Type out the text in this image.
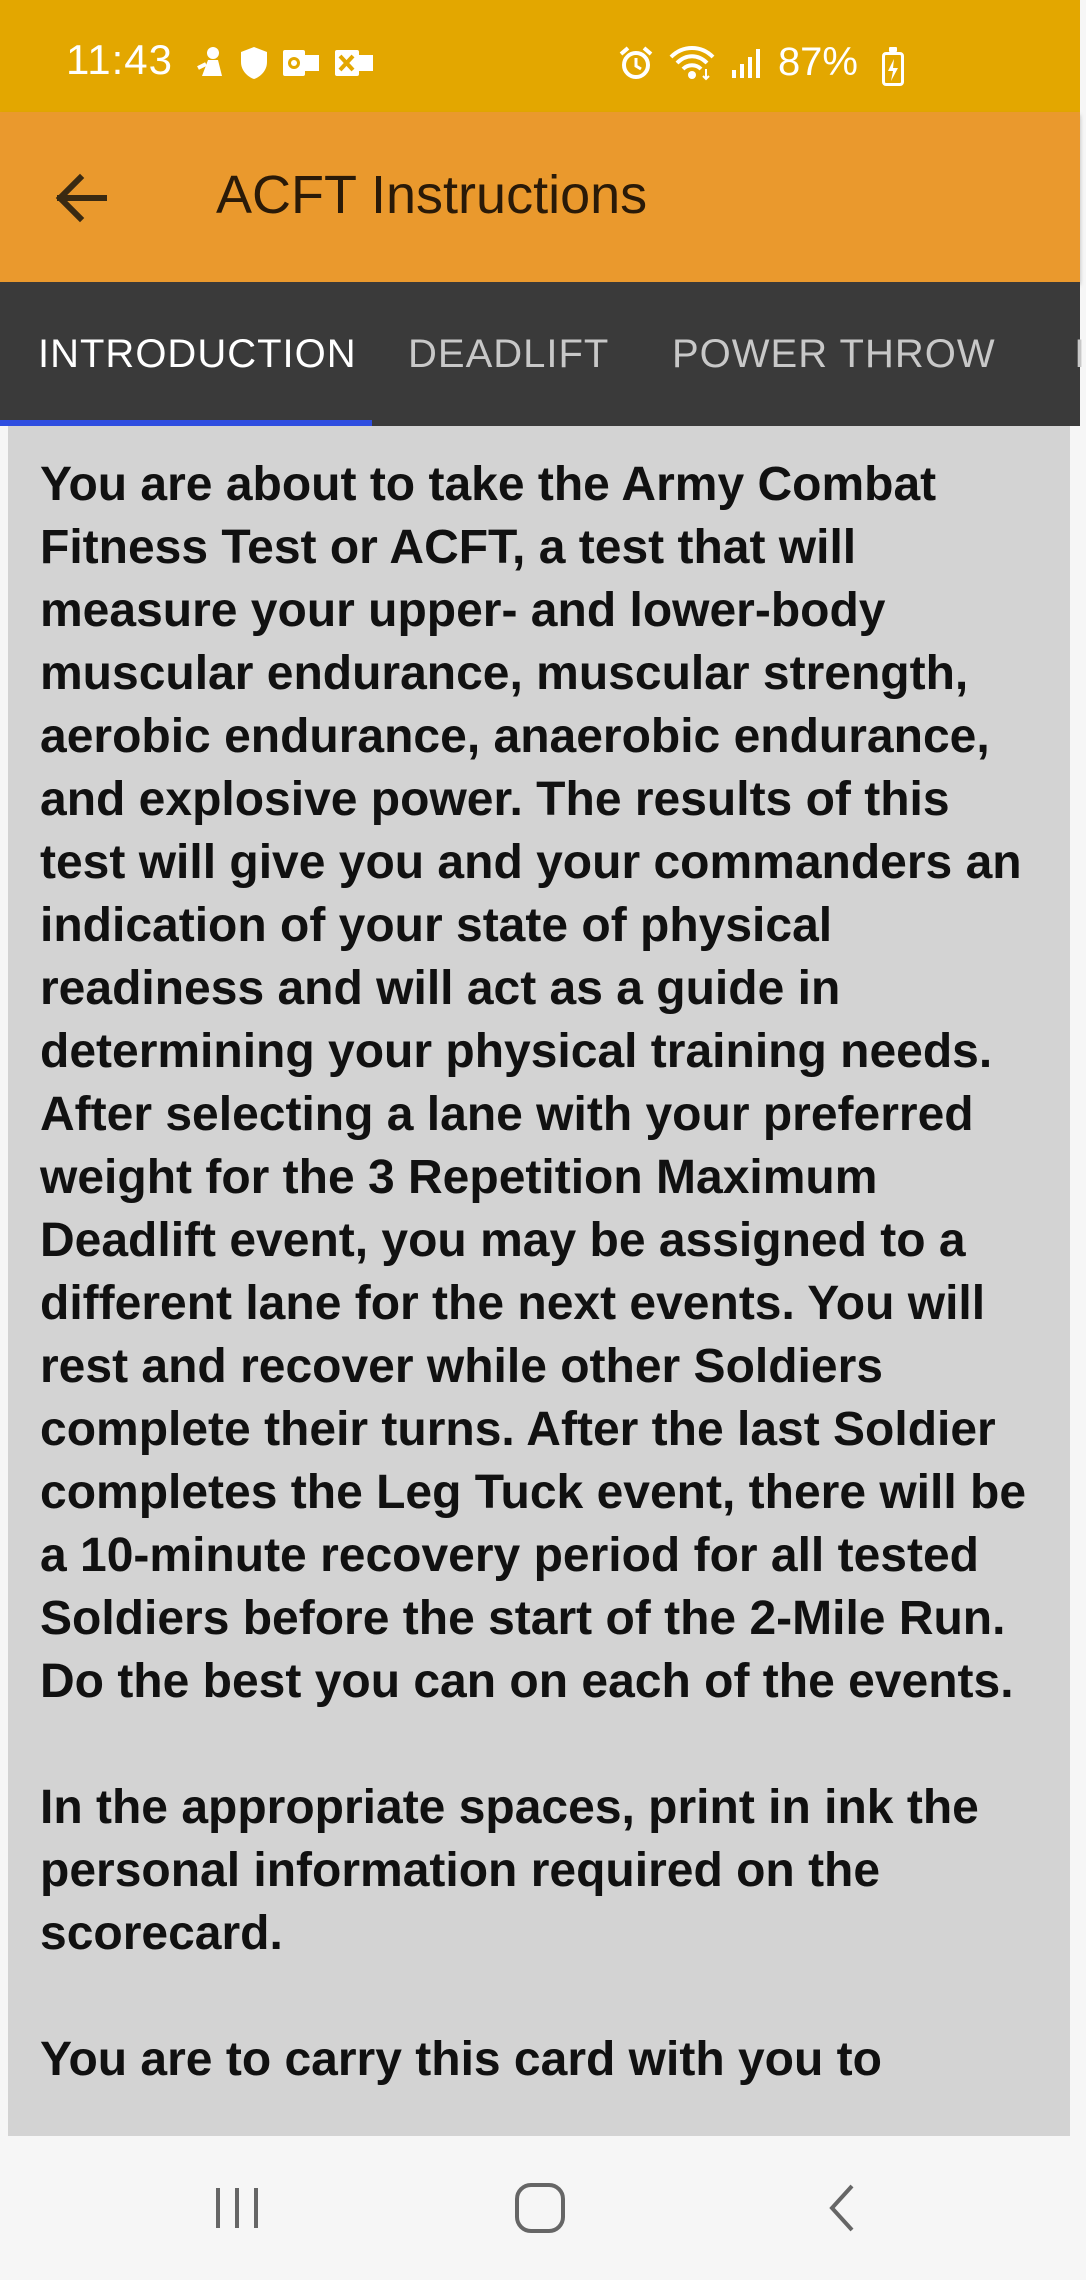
11:43	87%
ACFT Instructions
INTRODUCTION DEADLIFT POWER THROW I

You are about to take the Army Combat Fitness Test or ACFT, a test that will measure your upper- and lower-body muscular endurance, muscular strength, aerobic endurance, anaerobic endurance, and explosive power. The results of this test will give you and your commanders an indication of your state of physical readiness and will act as a guide in determining your physical training needs. After selecting a lane with your preferred weight for the 3 Repetition Maximum Deadlift event, you may be assigned to a different lane for the next events. You will rest and recover while other Soldiers complete their turns. After the last Soldier completes the Leg Tuck event, there will be a 10-minute recovery period for all tested Soldiers before the start of the 2-Mile Run. Do the best you can on each of the events.

In the appropriate spaces, print in ink the personal information required on the scorecard.

You are to carry this card with you to
